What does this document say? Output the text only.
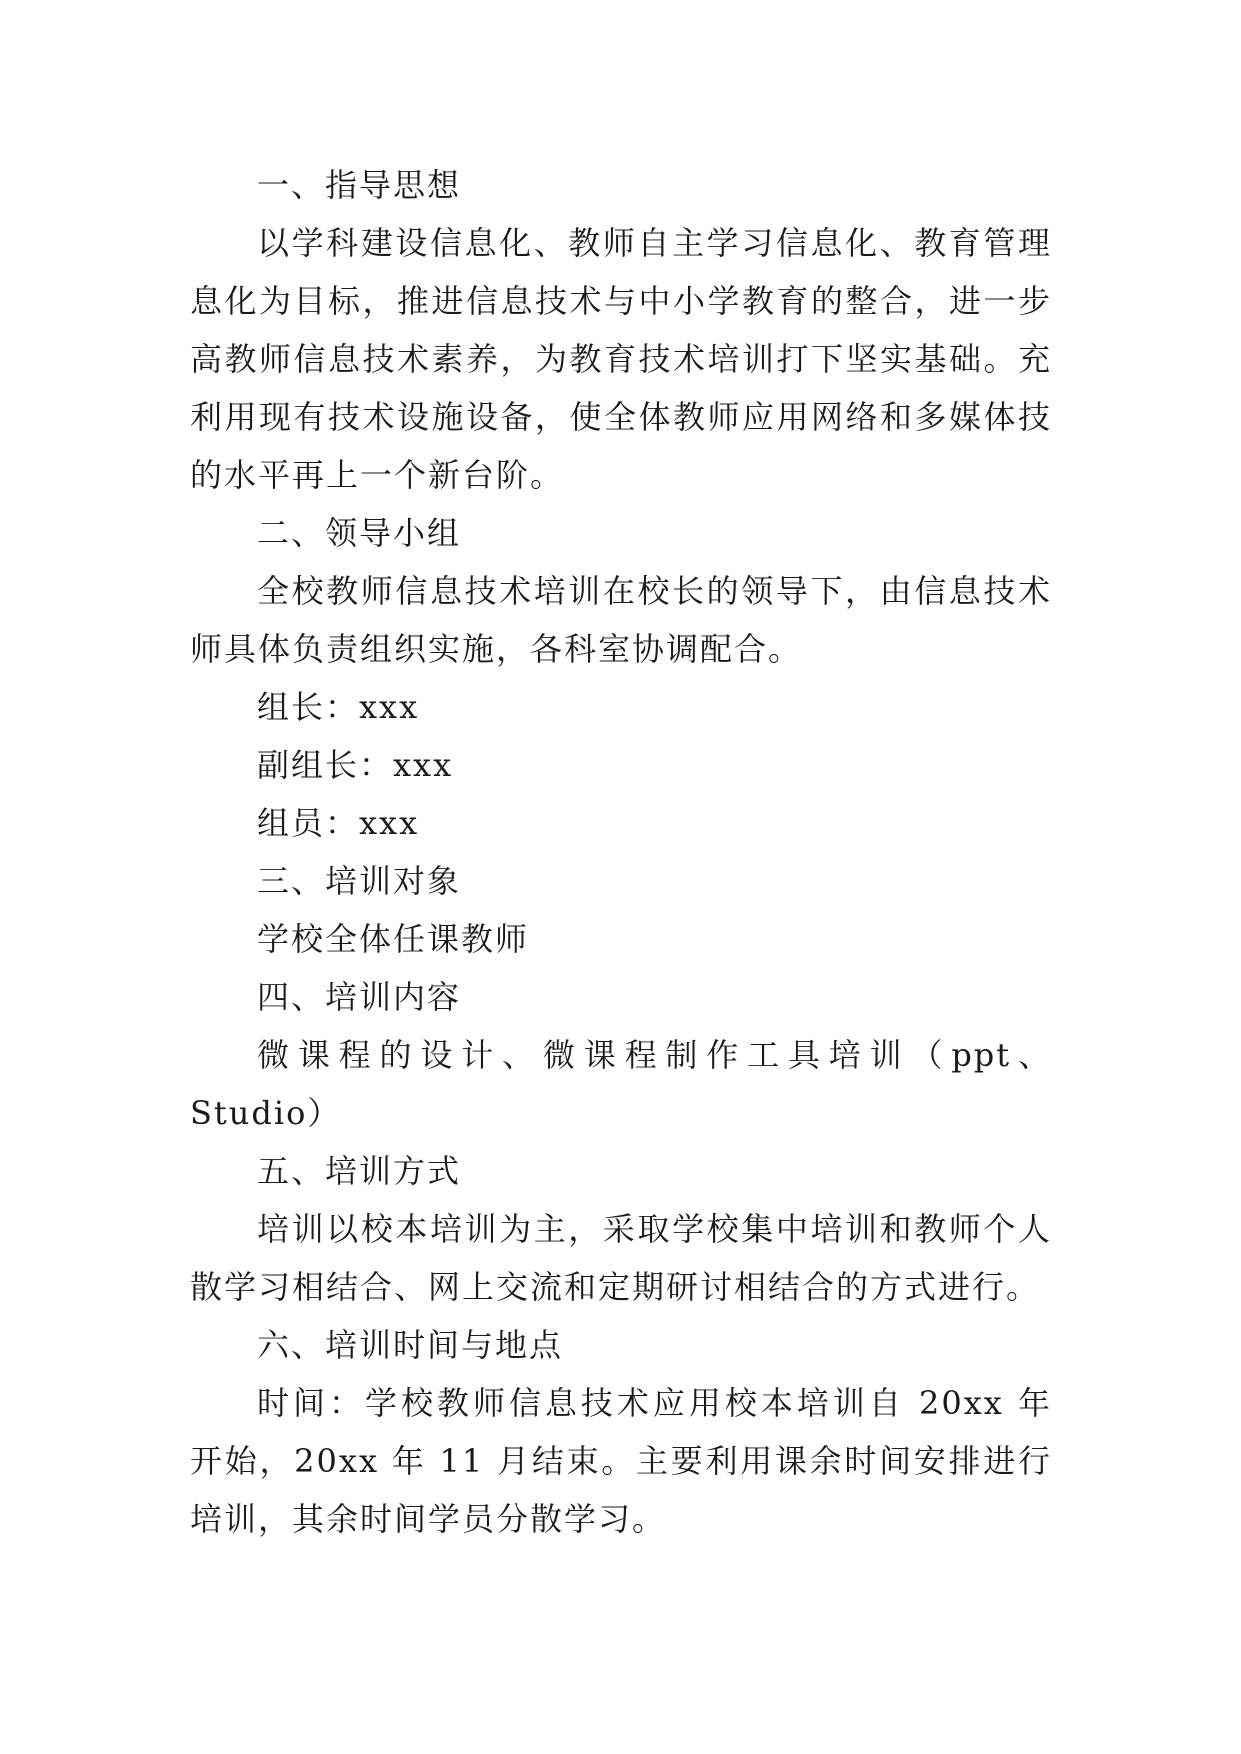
一、指导思想
以学科建设信息化、教师自主学习信息化、教育管理
息化为目标，推进信息技术与中小学教育的整合，进一步
高教师信息技术素养，为教育技术培训打下坚实基础。充
利用现有技术设施设备，使全体教师应用网络和多媒体技
的水平再上一个新台阶。
二、领导小组
全校教师信息技术培训在校长的领导下，由信息技术
师具体负责组织实施，各科室协调配合。
组长：xxx
副组长：xxx
组员：xxx
三、培训对象
学校全体任课教师
四、培训内容
微课程的设计、微课程制作工具培训（ppt、
Studio）
五、培训方式
培训以校本培训为主，采取学校集中培训和教师个人
散学习相结合、网上交流和定期研讨相结合的方式进行。
六、培训时间与地点
时间：学校教师信息技术应用校本培训自 20xx 年
开始，20xx 年 11 月结束。主要利用课余时间安排进行
培训，其余时间学员分散学习。
